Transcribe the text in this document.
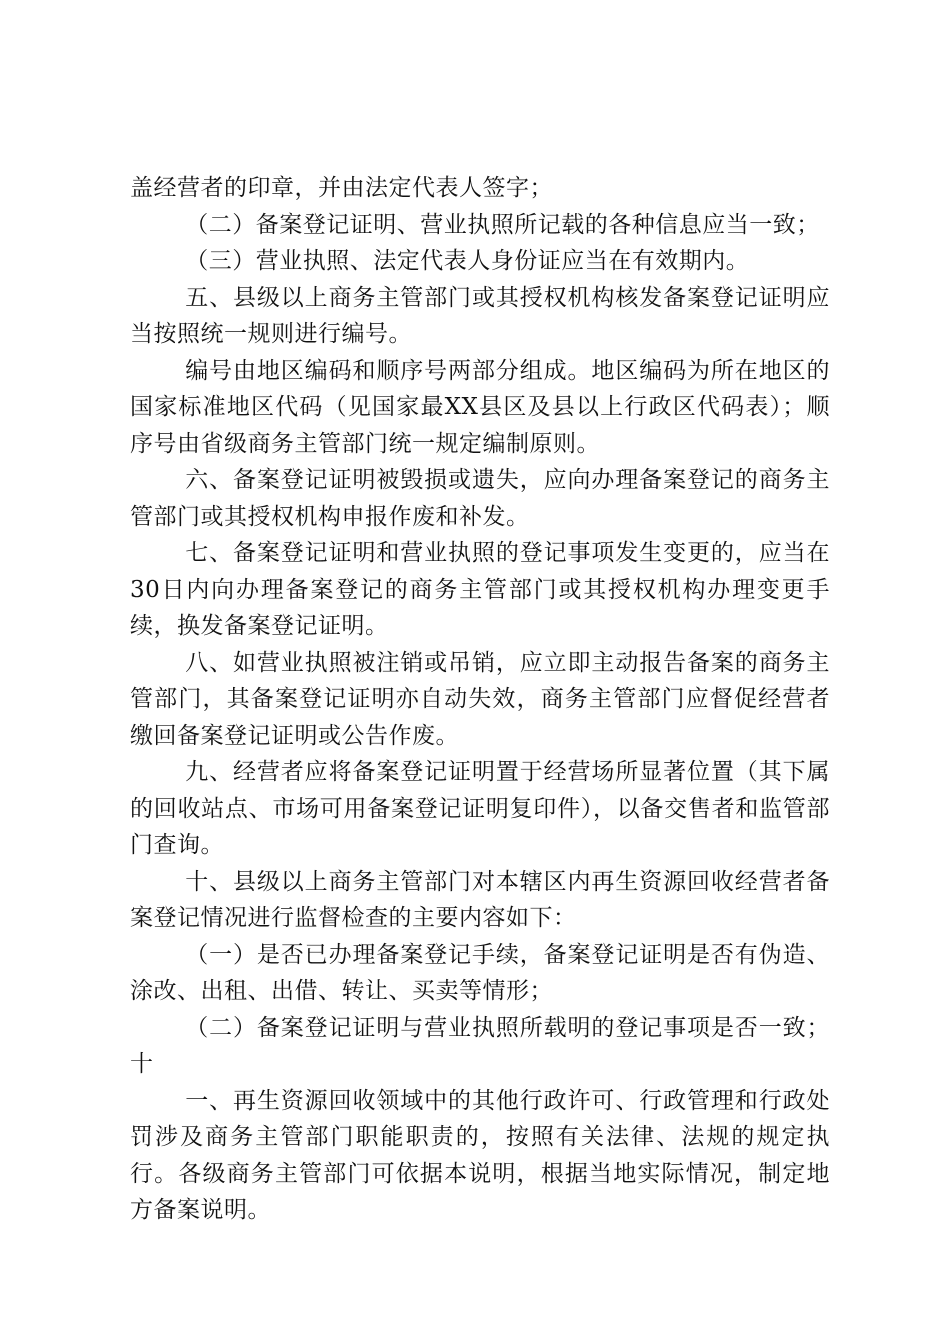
盖经营者的印章，并由法定代表人签字；

（二）备案登记证明、营业执照所记载的各种信息应当一致；

（三）营业执照、法定代表人身份证应当在有效期内。

五、县级以上商务主管部门或其授权机构核发备案登记证明应当按照统一规则进行编号。

编号由地区编码和顺序号两部分组成。地区编码为所在地区的国家标准地区代码（见国家最XX县区及县以上行政区代码表）；顺序号由省级商务主管部门统一规定编制原则。

六、备案登记证明被毁损或遗失，应向办理备案登记的商务主管部门或其授权机构申报作废和补发。

七、备案登记证明和营业执照的登记事项发生变更的，应当在30日内向办理备案登记的商务主管部门或其授权机构办理变更手续，换发备案登记证明。

八、如营业执照被注销或吊销，应立即主动报告备案的商务主管部门，其备案登记证明亦自动失效，商务主管部门应督促经营者缴回备案登记证明或公告作废。

九、经营者应将备案登记证明置于经营场所显著位置（其下属的回收站点、市场可用备案登记证明复印件），以备交售者和监管部门查询。

十、县级以上商务主管部门对本辖区内再生资源回收经营者备案登记情况进行监督检查的主要内容如下：

（一）是否已办理备案登记手续，备案登记证明是否有伪造、涂改、出租、出借、转让、买卖等情形；

（二）备案登记证明与营业执照所载明的登记事项是否一致；十

一、再生资源回收领域中的其他行政许可、行政管理和行政处罚涉及商务主管部门职能职责的，按照有关法律、法规的规定执行。各级商务主管部门可依据本说明，根据当地实际情况，制定地方备案说明。
